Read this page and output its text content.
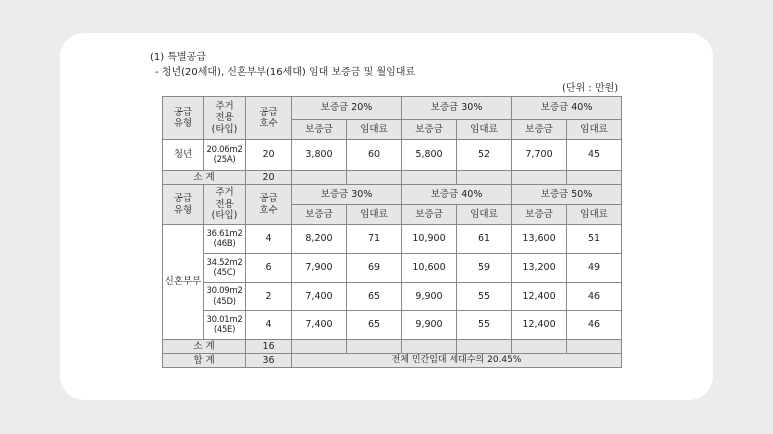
(1) 특별공급
- 청년(20세대), 신혼부부(16세대) 임대 보증금 및 월임대료
(단위 : 만원)
공급
유형	주거
전용
(타입)	공급
호수	보증금 20%		보증금 30%		보증금 40%	
			보증금	임대료	보증금	임대료	보증금	임대료
청년	20.06m2
(25A)	20	3,800	60	5,800	52	7,700	45
소 계		20						
공급
유형	주거
전용
(타입)	공급
호수	보증금 30%		보증금 40%		보증금 50%	
			보증금	임대료	보증금	임대료	보증금	임대료
신혼부부	36.61m2
(46B)	4	8,200	71	10,900	61	13,600	51
	34.52m2
(45C)	6	7,900	69	10,600	59	13,200	49
	30.09m2
(45D)	2	7,400	65	9,900	55	12,400	46
	30.01m2
(45E)	4	7,400	65	9,900	55	12,400	46
소 계		16						
합 계		36	전체 민간임대 세대수의 20.45%					
